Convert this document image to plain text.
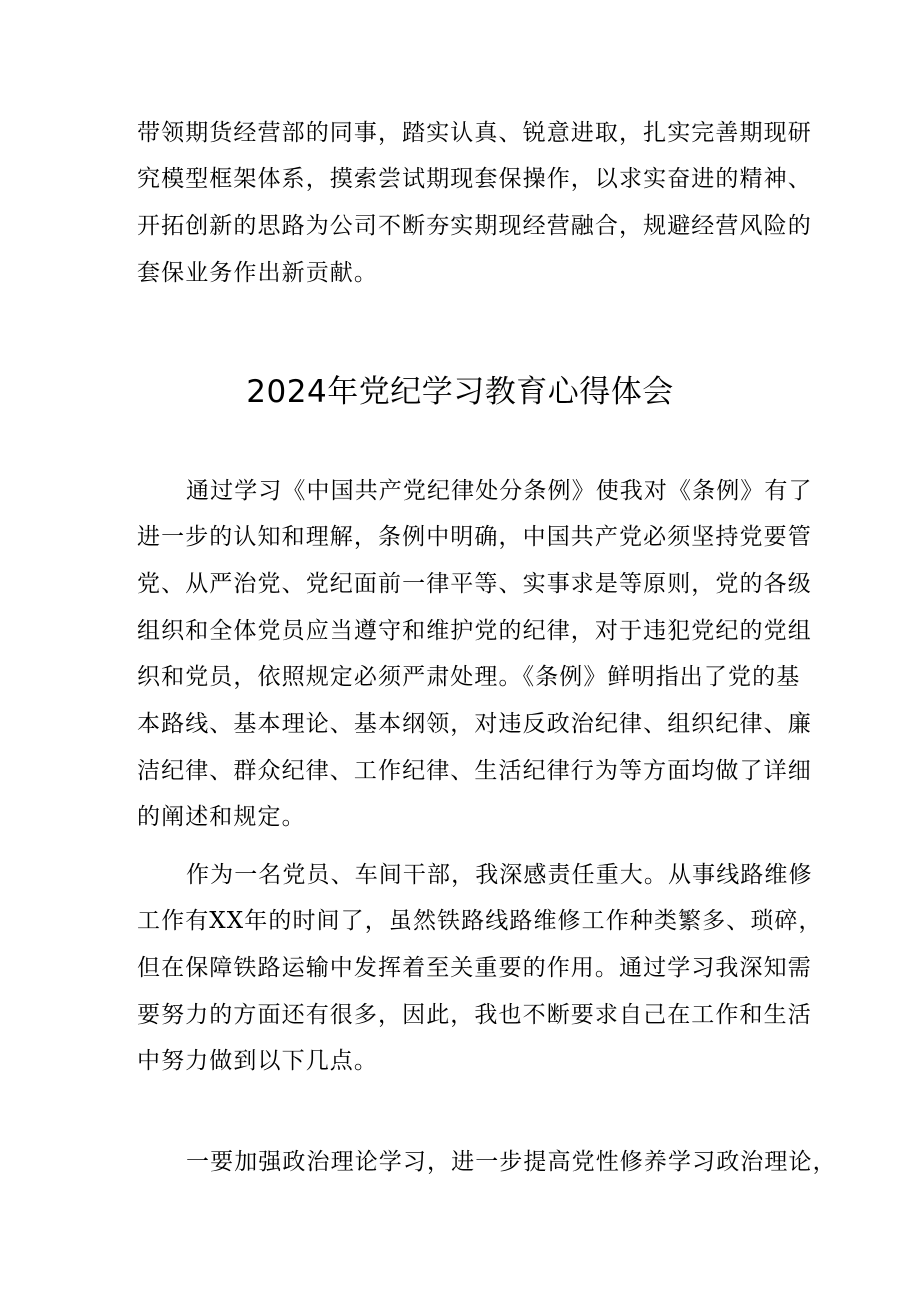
带领期货经营部的同事，踏实认真、锐意进取，扎实完善期现研
究模型框架体系，摸索尝试期现套保操作，以求实奋进的精神、
开拓创新的思路为公司不断夯实期现经营融合，规避经营风险的
套保业务作出新贡献。
2024年党纪学习教育心得体会
通过学习《中国共产党纪律处分条例》使我对《条例》有了
进一步的认知和理解，条例中明确，中国共产党必须坚持党要管
党、从严治党、党纪面前一律平等、实事求是等原则，党的各级
组织和全体党员应当遵守和维护党的纪律，对于违犯党纪的党组
织和党员，依照规定必须严肃处理。《条例》鲜明指出了党的基
本路线、基本理论、基本纲领，对违反政治纪律、组织纪律、廉
洁纪律、群众纪律、工作纪律、生活纪律行为等方面均做了详细
的阐述和规定。
作为一名党员、车间干部，我深感责任重大。从事线路维修
工作有XX年的时间了，虽然铁路线路维修工作种类繁多、琐碎，
但在保障铁路运输中发挥着至关重要的作用。通过学习我深知需
要努力的方面还有很多，因此，我也不断要求自己在工作和生活
中努力做到以下几点。
一要加强政治理论学习，进一步提高党性修养学习政治理论，
